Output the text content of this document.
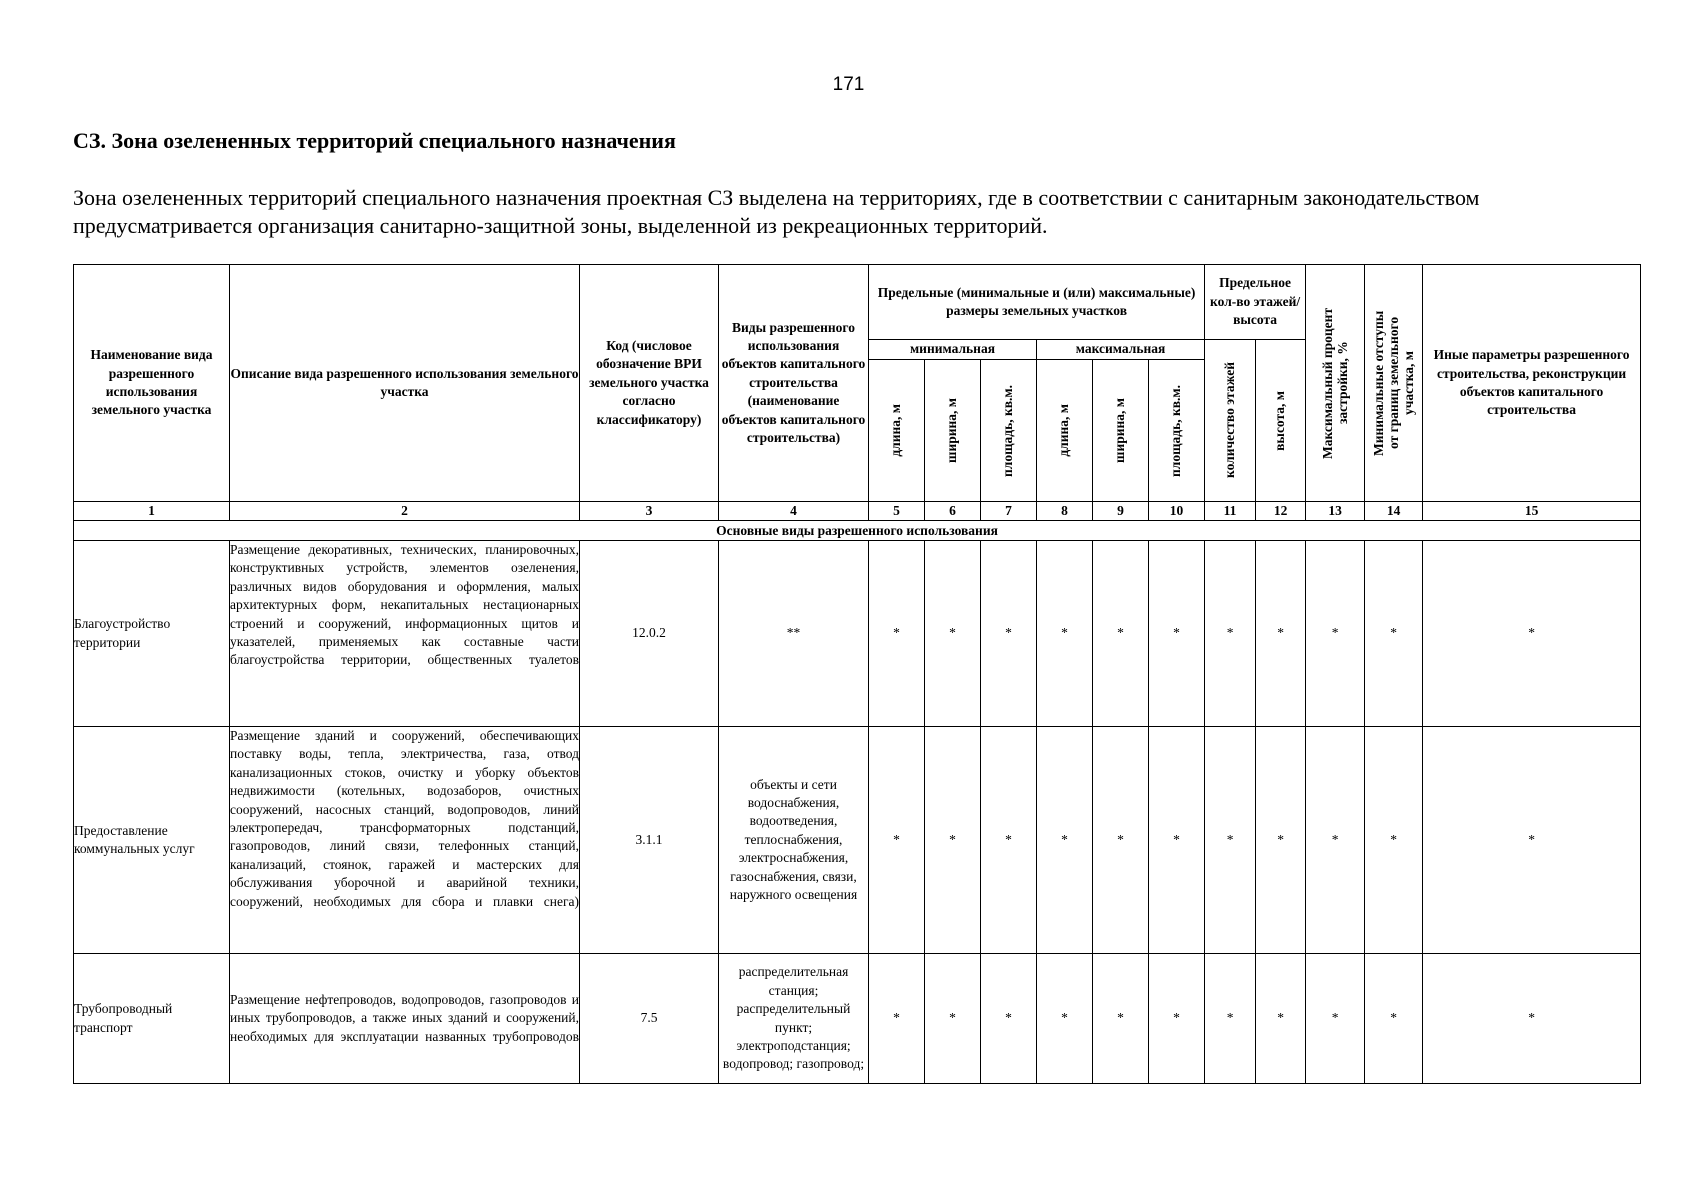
171
СЗ. Зона озелененных территорий специального назначения

Зона озелененных территорий специального назначения проектная СЗ выделена на территориях, где в соответствии с санитарным законодательством предусматривается организация санитарно-защитной зоны, выделенной из рекреационных территорий.

Наименование вида разрешенного использования земельного участка	Описание вида разрешенного использования земельного участка	Код (числовое обозначение ВРИ земельного участка согласно классификатору)	Виды разрешенного использования объектов капитального строительства (наименование объектов капитального строительства)	Предельные (минимальные и (или) максимальные) размеры земельных участков						Предельное кол-во этажей/ высота		Максимальный процент застройки, %	Минимальные отступы от границ земельного участка, м	Иные параметры разрешенного строительства, реконструкции объектов капитального строительства
				минимальная			максимальная			количество этажей	высота, м			

				длина, м	ширина, м	площадь, кв.м.	длина, м	ширина, м	площадь, кв.м.					

1	2	3	4	5	6	7	8	9	10	11	12	13	14	15
Основные виды разрешенного использования														
Благоустройство территории	Размещение декоративных, технических, планировочных, конструктивных устройств, элементов озеленения, различных видов оборудования и оформления, малых архитектурных форм, некапитальных нестационарных строений и сооружений, информационных щитов и указателей, применяемых как составные части благоустройства территории, общественных туалетов	12.0.2	**	*	*	*	*	*	*	*	*	*	*	*
Предоставление коммунальных услуг	Размещение зданий и сооружений, обеспечивающих поставку воды, тепла, электричества, газа, отвод канализационных стоков, очистку и уборку объектов недвижимости (котельных, водозаборов, очистных сооружений, насосных станций, водопроводов, линий электропередач, трансформаторных подстанций, газопроводов, линий связи, телефонных станций, канализаций, стоянок, гаражей и мастерских для обслуживания уборочной и аварийной техники, сооружений, необходимых для сбора и плавки снега)	3.1.1	объекты и сети водоснабжения, водоотведения, теплоснабжения, электроснабжения, газоснабжения, связи, наружного освещения	*	*	*	*	*	*	*	*	*	*	*
Трубопроводный транспорт	Размещение нефтепроводов, водопроводов, газопроводов и иных трубопроводов, а также иных зданий и сооружений, необходимых для эксплуатации названных трубопроводов	7.5	распределительная станция; распределительный пункт; электроподстанция; водопровод; газопровод;	*	*	*	*	*	*	*	*	*	*	*
